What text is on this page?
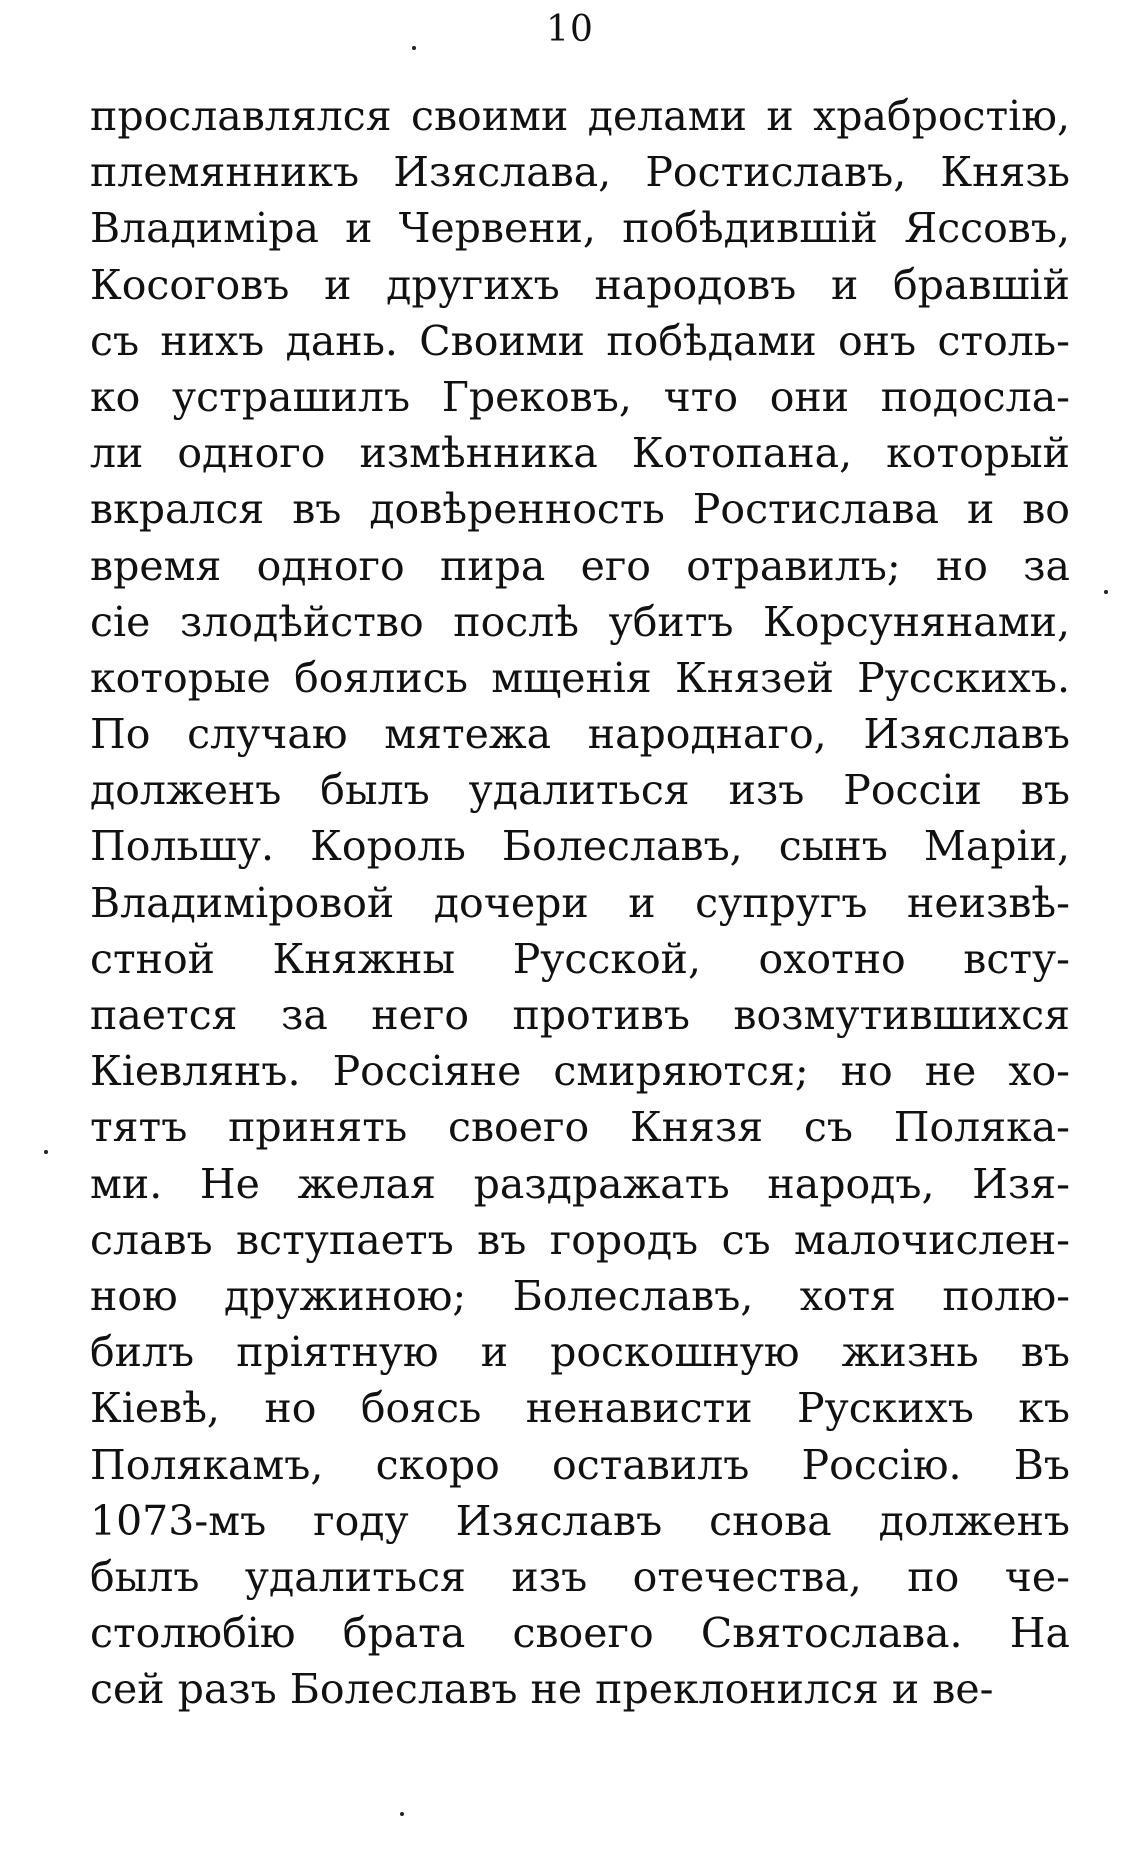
10
прославлялся своими делами и храбростію,
племянникъ Изяслава, Ростиславъ, Князь
Владиміра и Червени, побѣдившій Яссовъ,
Косоговъ и другихъ народовъ и бравшій
съ нихъ дань. Своими побѣдами онъ столь-
ко устрашилъ Грековъ, что они подосла-
ли одного измѣнника Котопана, который
вкрался въ довѣренность Ростислава и во
время одного пира его отравилъ; но за
сіе злодѣйство послѣ убитъ Корсунянами,
которые боялись мщенія Князей Русскихъ.
По случаю мятежа народнаго, Изяславъ
долженъ былъ удалиться изъ Россіи въ
Польшу. Король Болеславъ, сынъ Маріи,
Владиміровой дочери и супругъ неизвѣ-
стной Княжны Русской, охотно всту-
пается за него противъ возмутившихся
Кіевлянъ. Россіяне смиряются; но не хо-
тятъ принять своего Князя съ Поляка-
ми. Не желая раздражать народъ, Изя-
славъ вступаетъ въ городъ съ малочислен-
ною дружиною; Болеславъ, хотя полю-
билъ пріятную и роскошную жизнь въ
Кіевѣ, но боясь ненависти Рускихъ къ
Полякамъ, скоро оставилъ Россію. Въ
1073-мъ году Изяславъ снова долженъ
былъ удалиться изъ отечества, по че-
столюбію брата своего Святослава. На
сей разъ Болеславъ не преклонился и ве-
